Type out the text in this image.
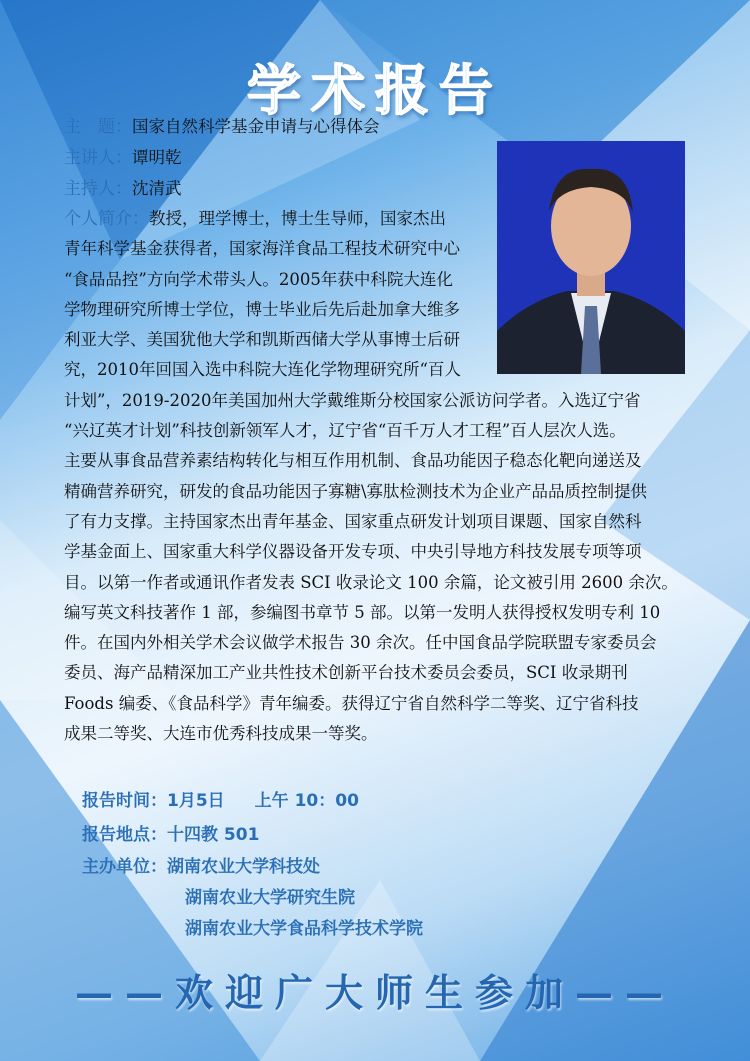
学术报告
主　题：国家自然科学基金申请与心得体会
主讲人：谭明乾
主持人：沈清武
个人简介：教授，理学博士，博士生导师，国家杰出
青年科学基金获得者，国家海洋食品工程技术研究中心
“食品品控”方向学术带头人。2005年获中科院大连化
学物理研究所博士学位，博士毕业后先后赴加拿大维多
利亚大学、美国犹他大学和凯斯西储大学从事博士后研
究，2010年回国入选中科院大连化学物理研究所“百人
计划”，2019-2020年美国加州大学戴维斯分校国家公派访问学者。入选辽宁省
“兴辽英才计划”科技创新领军人才，辽宁省“百千万人才工程”百人层次人选。
主要从事食品营养素结构转化与相互作用机制、食品功能因子稳态化靶向递送及
精确营养研究，研发的食品功能因子寡糖\寡肽检测技术为企业产品品质控制提供
了有力支撑。主持国家杰出青年基金、国家重点研发计划项目课题、国家自然科
学基金面上、国家重大科学仪器设备开发专项、中央引导地方科技发展专项等项
目。以第一作者或通讯作者发表 SCI 收录论文 100 余篇，论文被引用 2600 余次。
编写英文科技著作 1 部，参编图书章节 5 部。以第一发明人获得授权发明专利 10
件。在国内外相关学术会议做学术报告 30 余次。任中国食品学院联盟专家委员会
委员、海产品精深加工产业共性技术创新平台技术委员会委员，SCI 收录期刊
Foods 编委、《食品科学》青年编委。获得辽宁省自然科学二等奖、辽宁省科技
成果二等奖、大连市优秀科技成果一等奖。
报告时间：1月5日 上午 10：00
报告地点：十四教 501
主办单位：湖南农业大学科技处
湖南农业大学研究生院
湖南农业大学食品科学技术学院
——欢迎广大师生参加——
